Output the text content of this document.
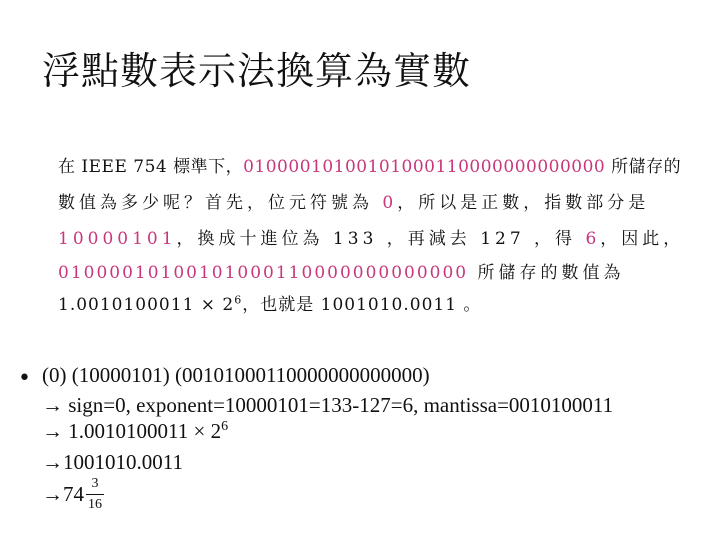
浮點數表示法換算為實數
在 IEEE 754 標準下，01000010100101000110000000000000 所儲存的
數值為多少呢？首先，位元符號為 0，所以是正數，指數部分是
10000101，換成十進位為 133 ，再減去 127 ，得 6，因此，
01000010100101000110000000000000 所儲存的數值為
$1.0010100011 \times 2^6$，也就是 1001010.0011 。
• (0) (10000101) (00101000110000000000000)
→ sign=0, exponent=10000101=133-127=6, mantissa=0010100011
→ $1.0010100011 \times 2^6$
→1001010.0011
$\to 74 \frac{3}{16}$
